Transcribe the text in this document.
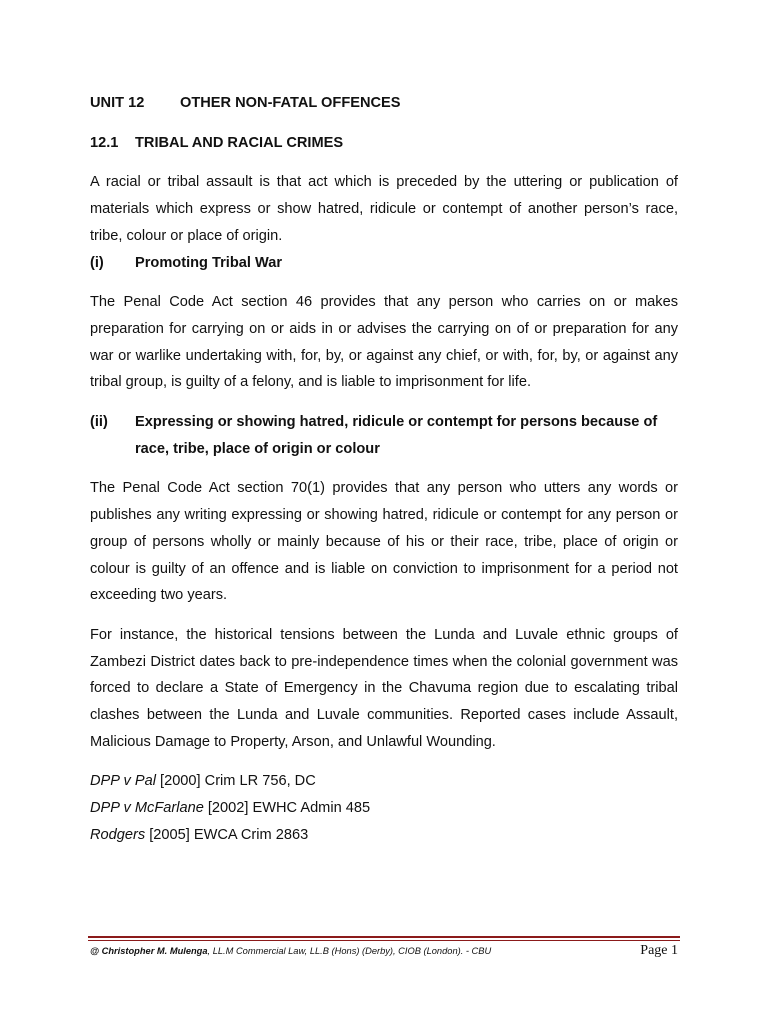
UNIT 12 OTHER NON-FATAL OFFENCES

12.1 TRIBAL AND RACIAL CRIMES

A racial or tribal assault is that act which is preceded by the uttering or publication of materials which express or show hatred, ridicule or contempt of another person’s race, tribe, colour or place of origin.

(i)	Promoting Tribal War

The Penal Code Act section 46 provides that any person who carries on or makes preparation for carrying on or aids in or advises the carrying on of or preparation for any war or warlike undertaking with, for, by, or against any chief, or with, for, by, or against any tribal group, is guilty of a felony, and is liable to imprisonment for life.

(ii)	Expressing or showing hatred, ridicule or contempt for persons because of race, tribe, place of origin or colour

The Penal Code Act section 70(1) provides that any person who utters any words or publishes any writing expressing or showing hatred, ridicule or contempt for any person or group of persons wholly or mainly because of his or their race, tribe, place of origin or colour is guilty of an offence and is liable on conviction to imprisonment for a period not exceeding two years.

For instance, the historical tensions between the Lunda and Luvale ethnic groups of Zambezi District dates back to pre-independence times when the colonial government was forced to declare a State of Emergency in the Chavuma region due to escalating tribal clashes between the Lunda and Luvale communities. Reported cases include Assault, Malicious Damage to Property, Arson, and Unlawful Wounding.

DPP v Pal [2000] Crim LR 756, DC

DPP v McFarlane [2002] EWHC Admin 485

Rodgers [2005] EWCA Crim 2863

@ Christopher M. Mulenga, LL.M Commercial Law, LL.B (Hons) (Derby), CIOB (London). - CBU	Page 1
